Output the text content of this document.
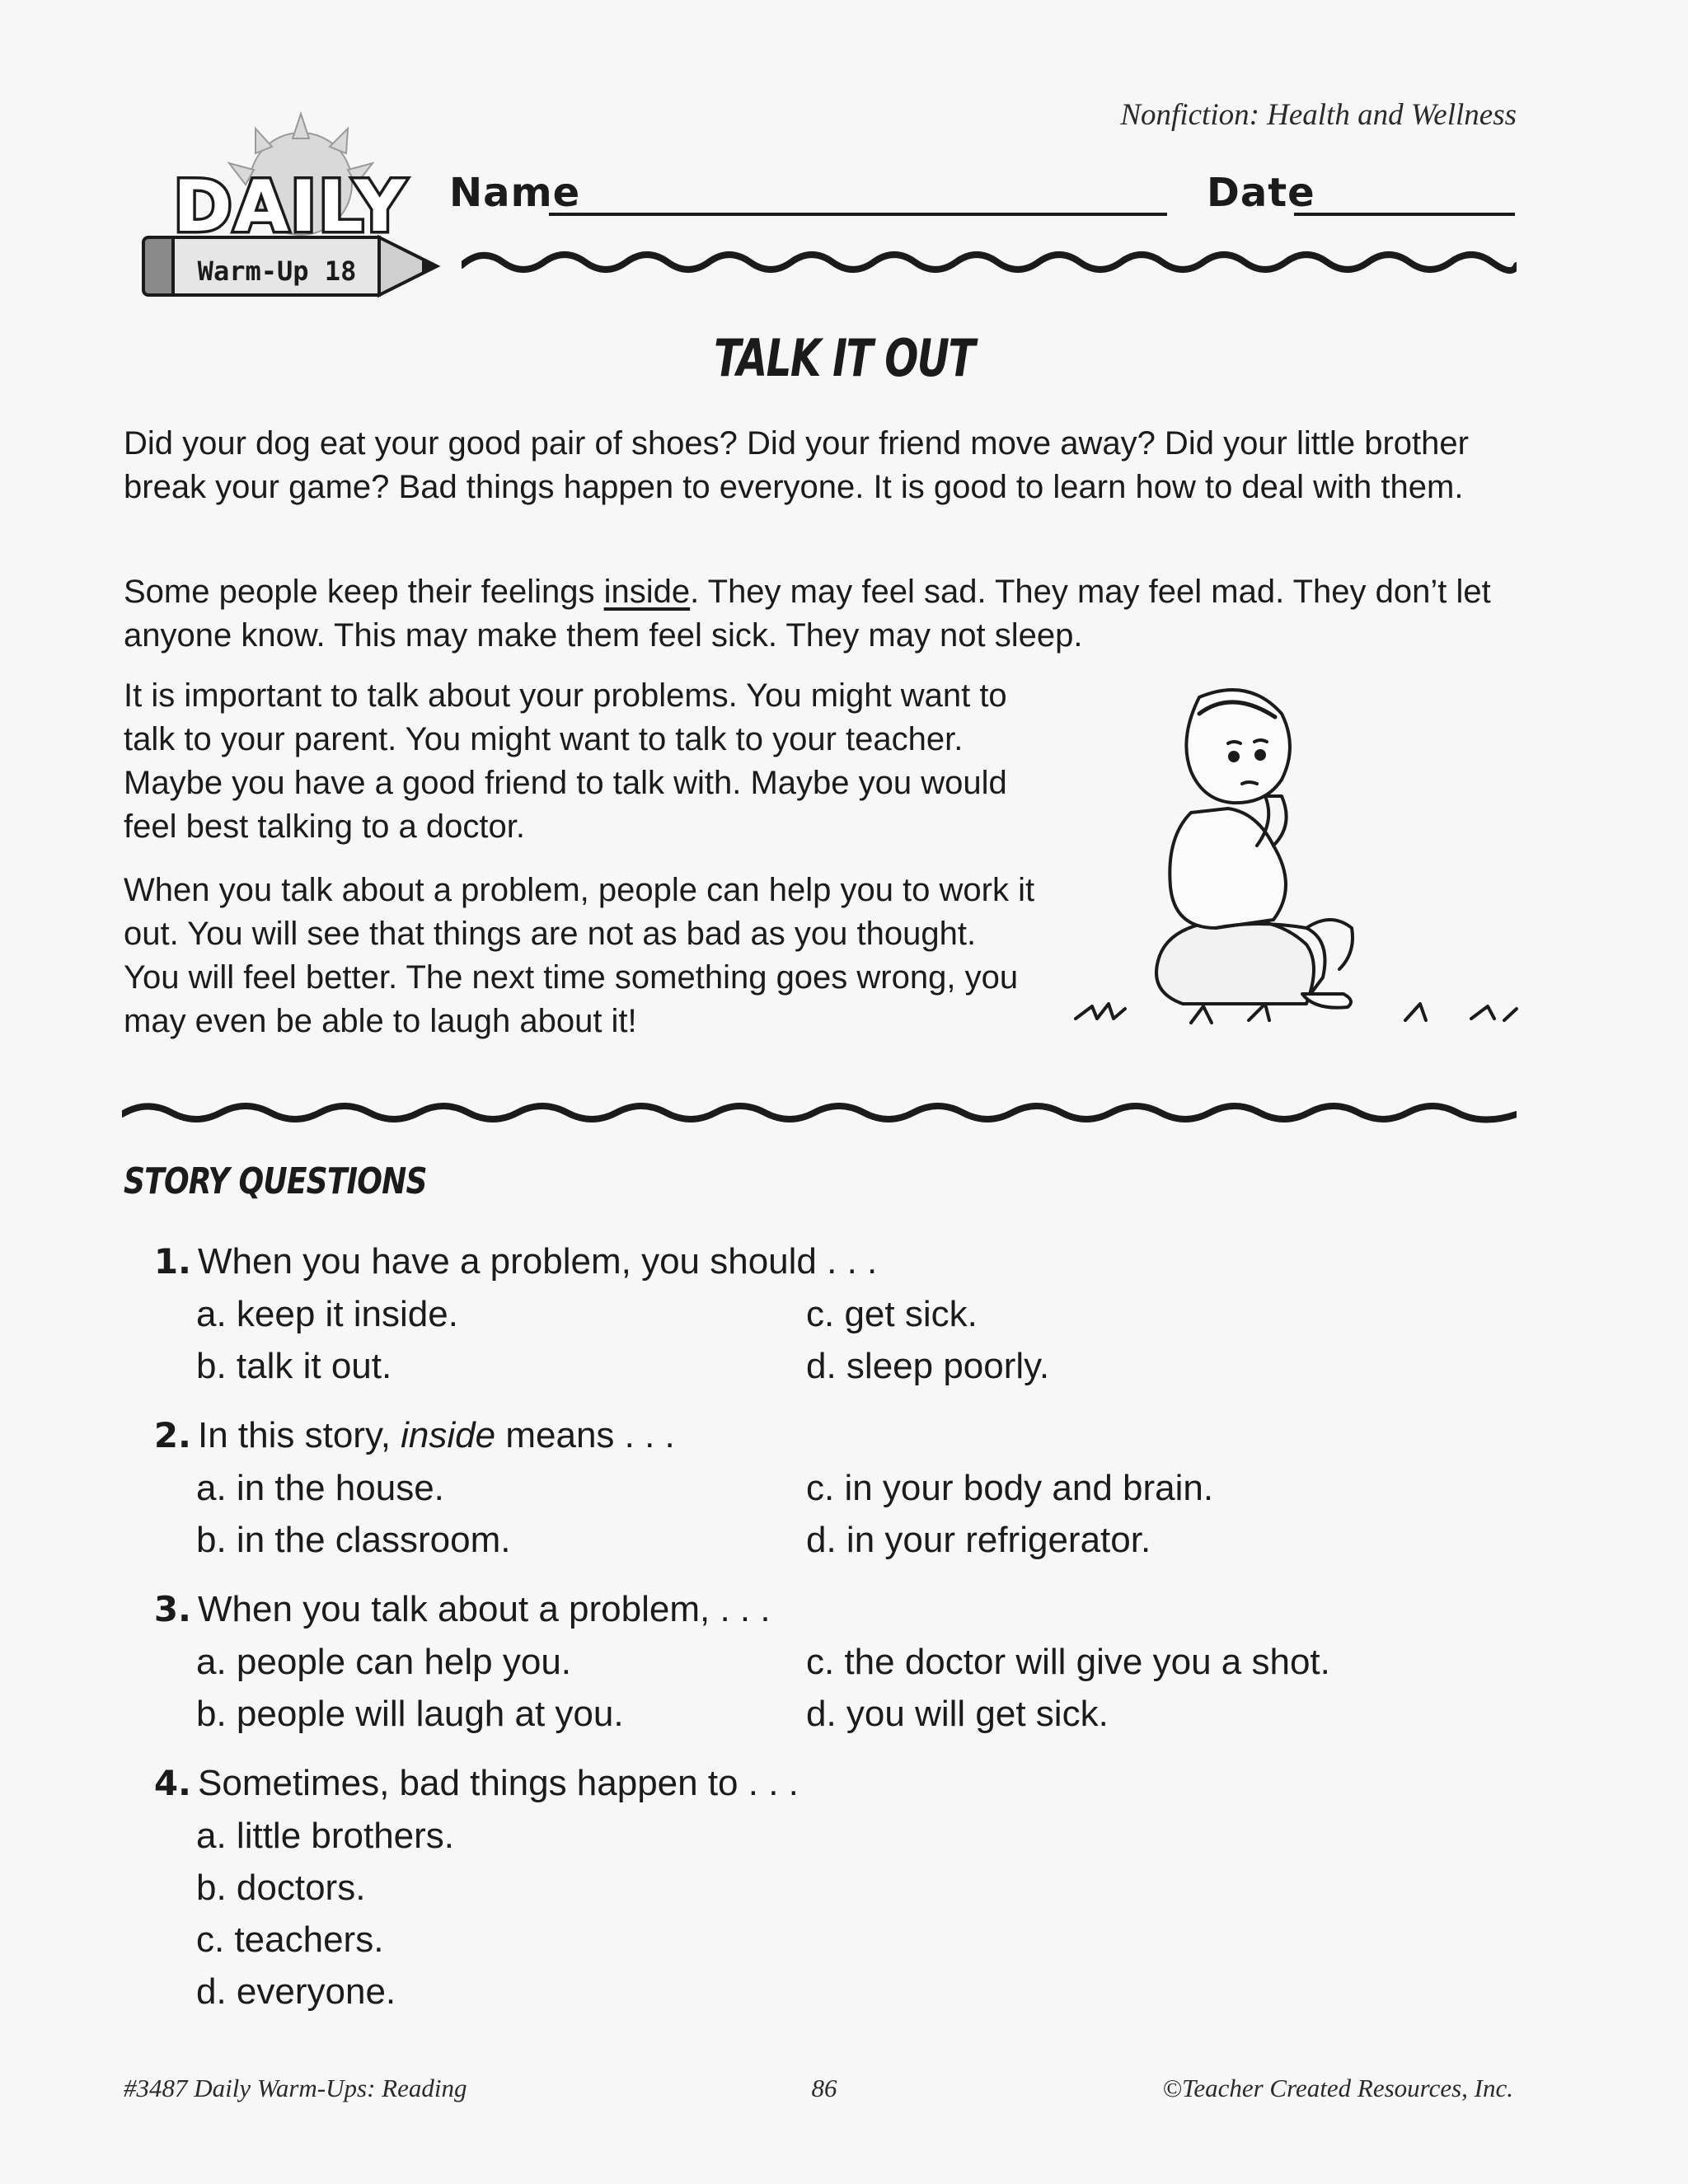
Nonfiction: Health and Wellness
DAILY
Warm-Up 18
Name	Date
TALK IT OUT
Did your dog eat your good pair of shoes? Did your friend move away? Did your little brother break your game? Bad things happen to everyone. It is good to learn how to deal with them.
Some people keep their feelings inside. They may feel sad. They may feel mad. They don’t let anyone know. This may make them feel sick. They may not sleep.
It is important to talk about your problems. You might want to talk to your parent. You might want to talk to your teacher. Maybe you have a good friend to talk with. Maybe you would feel best talking to a doctor.
When you talk about a problem, people can help you to work it out. You will see that things are not as bad as you thought. You will feel better. The next time something goes wrong, you may even be able to laugh about it!
STORY QUESTIONS
1. When you have a problem, you should . . .
a. keep it inside.
b. talk it out.
c. get sick.
d. sleep poorly.
2. In this story, inside means . . .
a. in the house.
b. in the classroom.
c. in your body and brain.
d. in your refrigerator.
3. When you talk about a problem, . . .
a. people can help you.
b. people will laugh at you.
c. the doctor will give you a shot.
d. you will get sick.
4. Sometimes, bad things happen to . . .
a. little brothers.
b. doctors.
c. teachers.
d. everyone.
#3487 Daily Warm-Ups: Reading	86	©Teacher Created Resources, Inc.
